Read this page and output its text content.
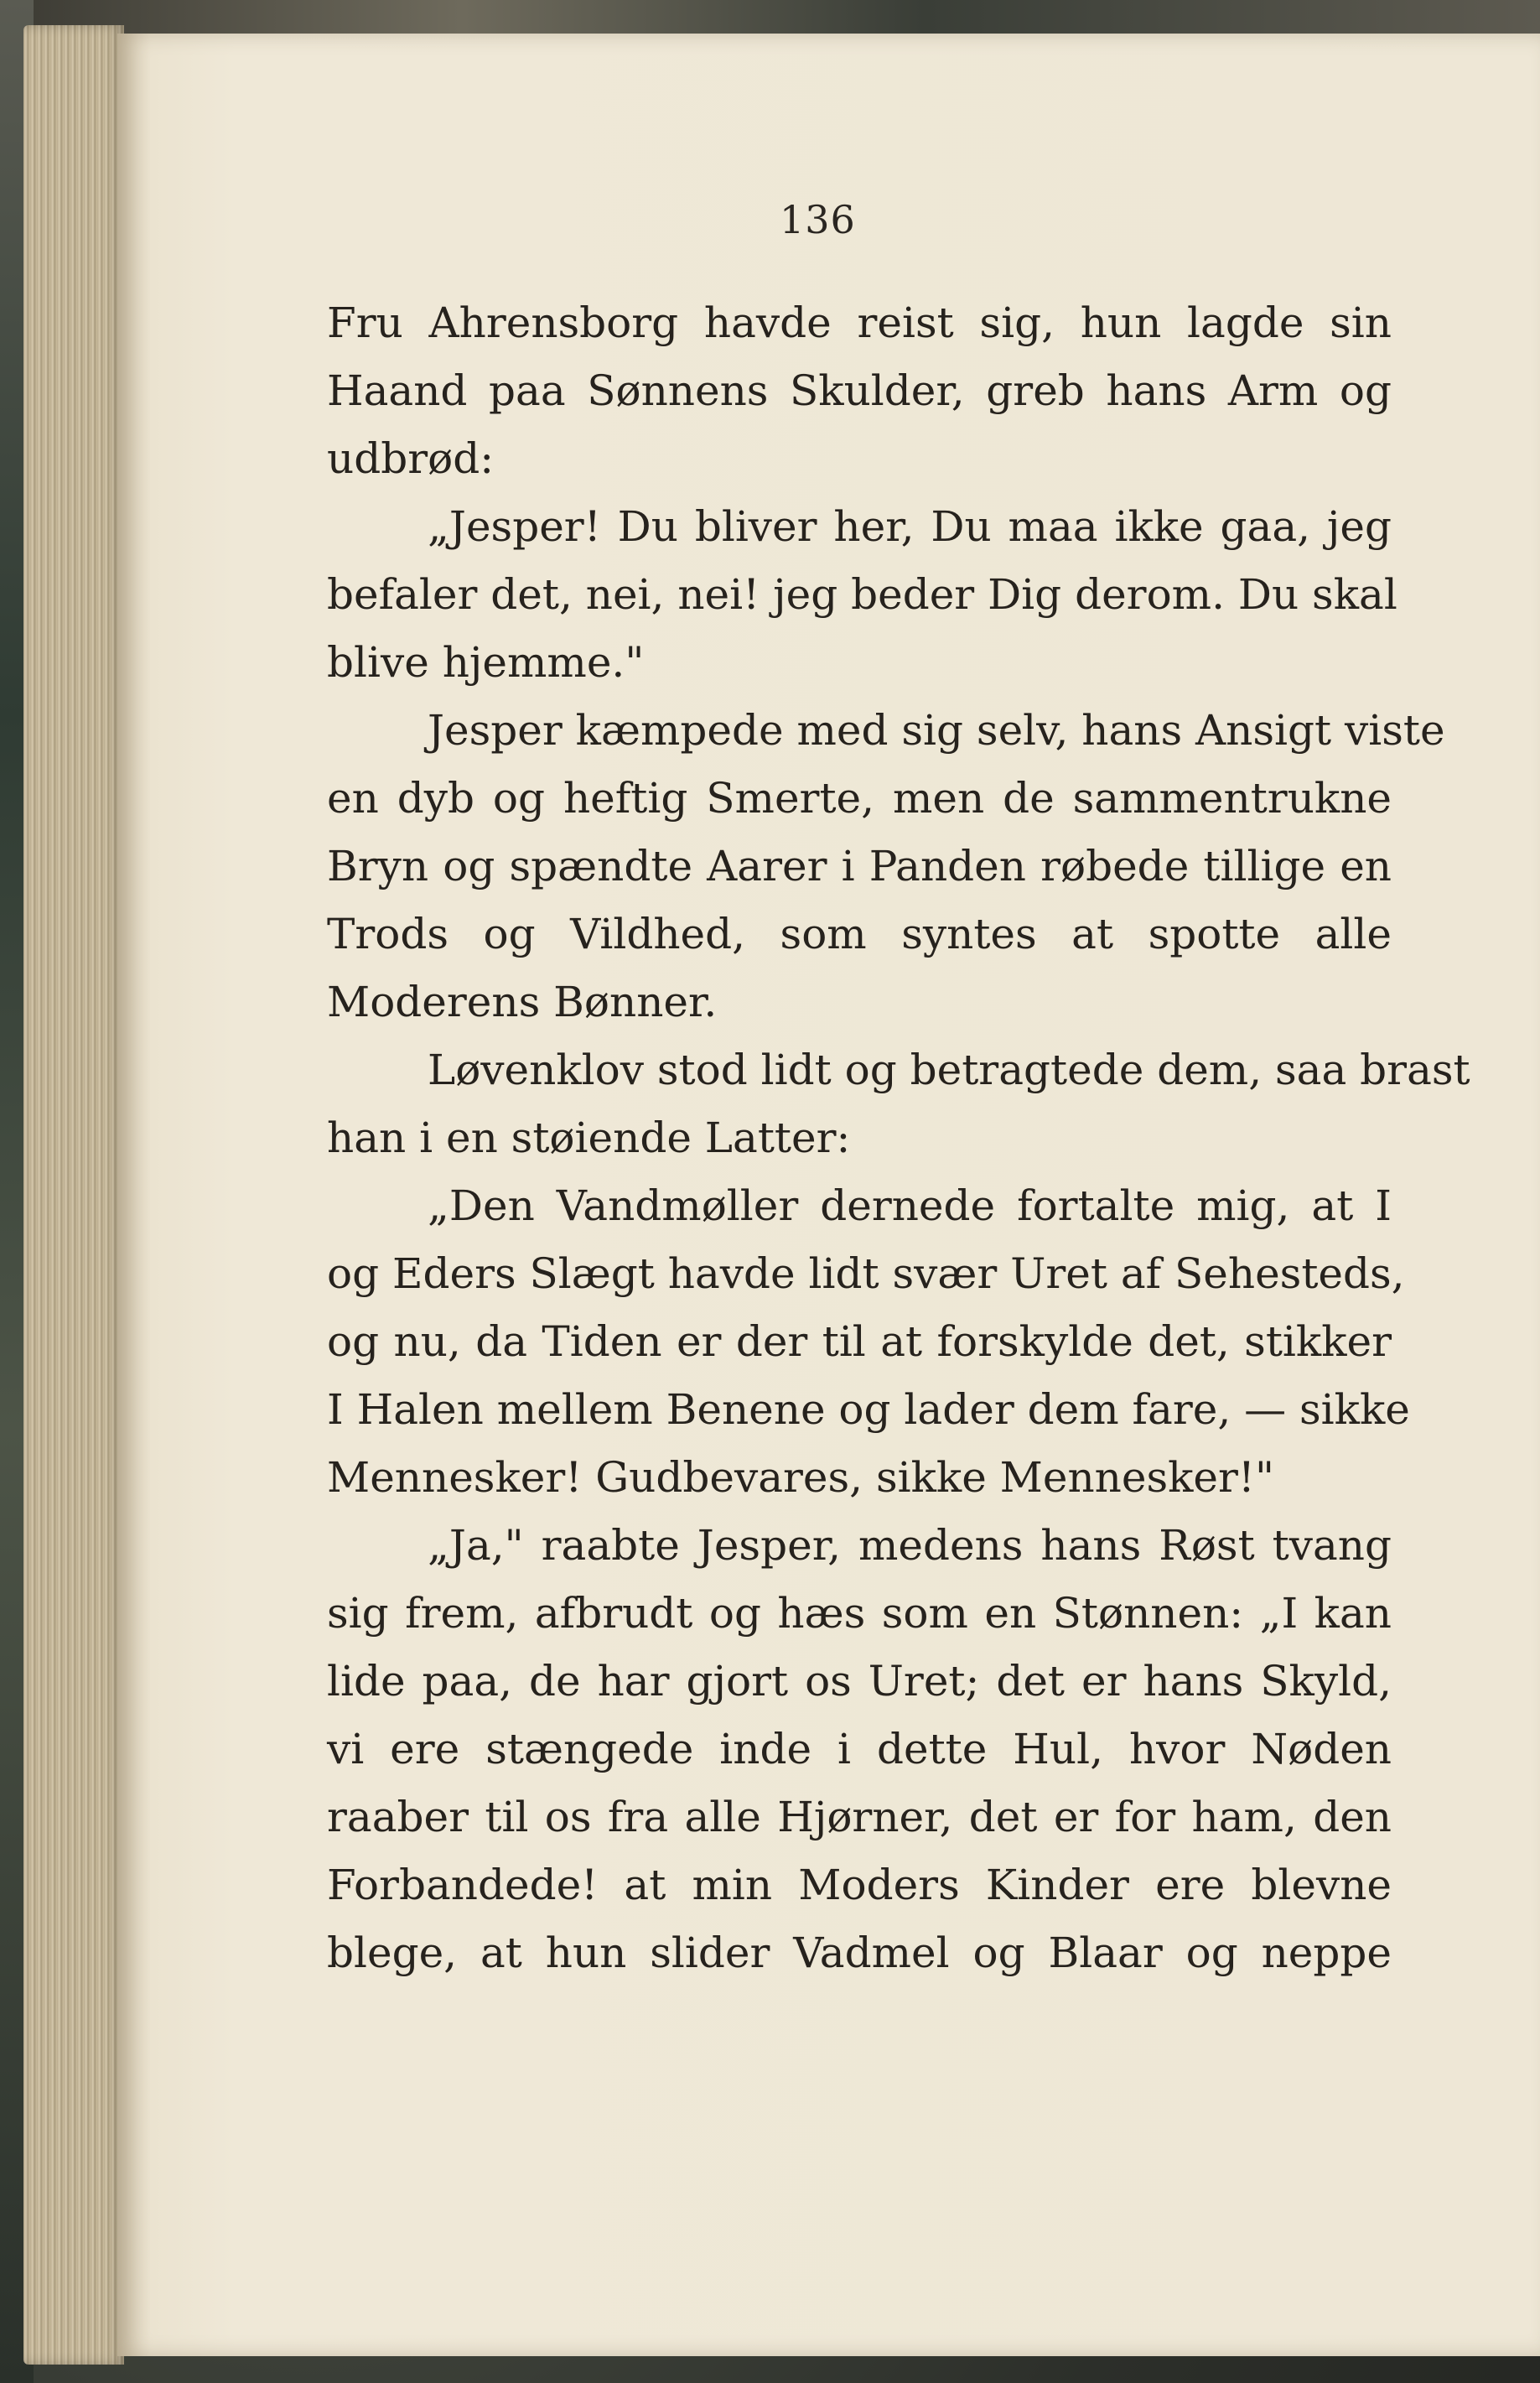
136
Fru Ahrensborg havde reist sig, hun lagde sin
Haand paa Sønnens Skulder, greb hans Arm og
udbrød:
„Jesper! Du bliver her, Du maa ikke gaa, jeg
befaler det, nei, nei! jeg beder Dig derom. Du skal
blive hjemme."
Jesper kæmpede med sig selv, hans Ansigt viste
en dyb og heftig Smerte, men de sammentrukne
Bryn og spændte Aarer i Panden røbede tillige en
Trods og Vildhed, som syntes at spotte alle
Moderens Bønner.
Løvenklov stod lidt og betragtede dem, saa brast
han i en støiende Latter:
„Den Vandmøller dernede fortalte mig, at I
og Eders Slægt havde lidt svær Uret af Sehesteds,
og nu, da Tiden er der til at forskylde det, stikker
I Halen mellem Benene og lader dem fare, — sikke
Mennesker! Gudbevares, sikke Mennesker!"
„Ja," raabte Jesper, medens hans Røst tvang
sig frem, afbrudt og hæs som en Stønnen: „I kan
lide paa, de har gjort os Uret; det er hans Skyld,
vi ere stængede inde i dette Hul, hvor Nøden
raaber til os fra alle Hjørner, det er for ham, den
Forbandede! at min Moders Kinder ere blevne
blege, at hun slider Vadmel og Blaar og neppe
